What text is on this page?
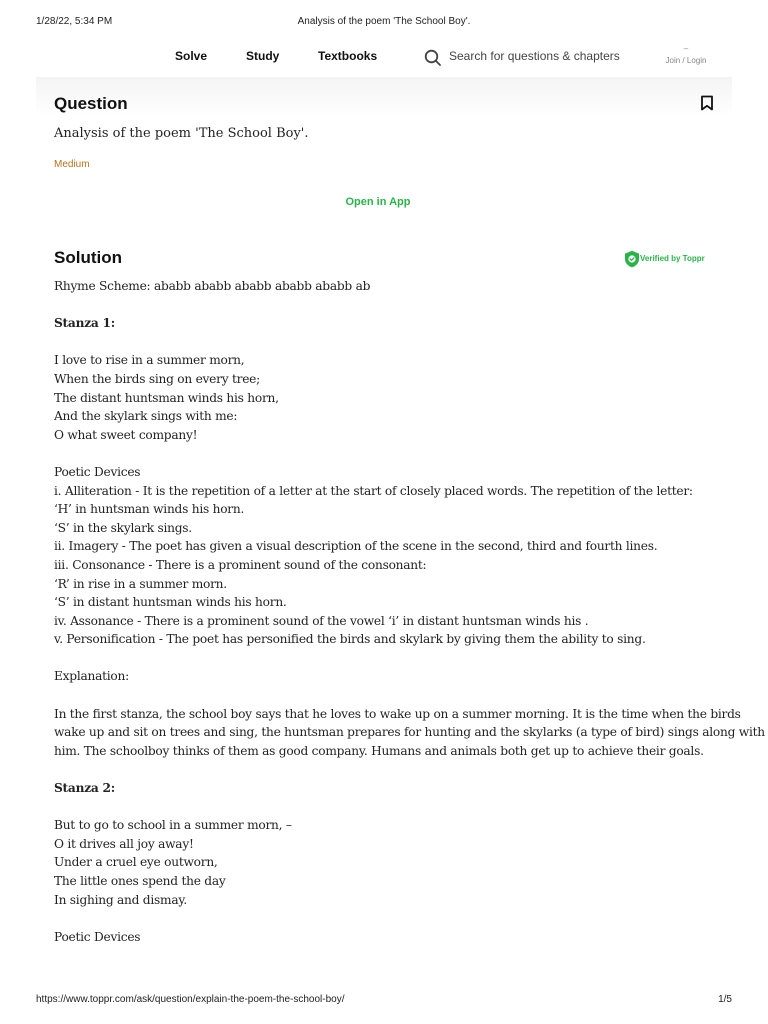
1/28/22, 5:34 PM	Analysis of the poem 'The School Boy'.
Solve	Study	Textbooks	Search for questions & chapters
–
Join / Login
Question
Analysis of the poem 'The School Boy'.
Medium
Open in App
Solution	Verified by Toppr
Rhyme Scheme: ababb ababb ababb ababb ababb ab
Stanza 1:
I love to rise in a summer morn,
When the birds sing on every tree;
The distant huntsman winds his horn,
And the skylark sings with me:
O what sweet company!
Poetic Devices
i. Alliteration - It is the repetition of a letter at the start of closely placed words. The repetition of the letter:
‘H’ in huntsman winds his horn.
‘S’ in the skylark sings.
ii. Imagery - The poet has given a visual description of the scene in the second, third and fourth lines.
iii. Consonance - There is a prominent sound of the consonant:
‘R’ in rise in a summer morn.
‘S’ in distant huntsman winds his horn.
iv. Assonance - There is a prominent sound of the vowel ‘i’ in distant huntsman winds his .
v. Personification - The poet has personified the birds and skylark by giving them the ability to sing.
Explanation:
In the first stanza, the school boy says that he loves to wake up on a summer morning. It is the time when the birds
wake up and sit on trees and sing, the huntsman prepares for hunting and the skylarks (a type of bird) sings along with
him. The schoolboy thinks of them as good company. Humans and animals both get up to achieve their goals.
Stanza 2:
But to go to school in a summer morn, –
O it drives all joy away!
Under a cruel eye outworn,
The little ones spend the day
In sighing and dismay.
Poetic Devices
https://www.toppr.com/ask/question/explain-the-poem-the-school-boy/	1/5
